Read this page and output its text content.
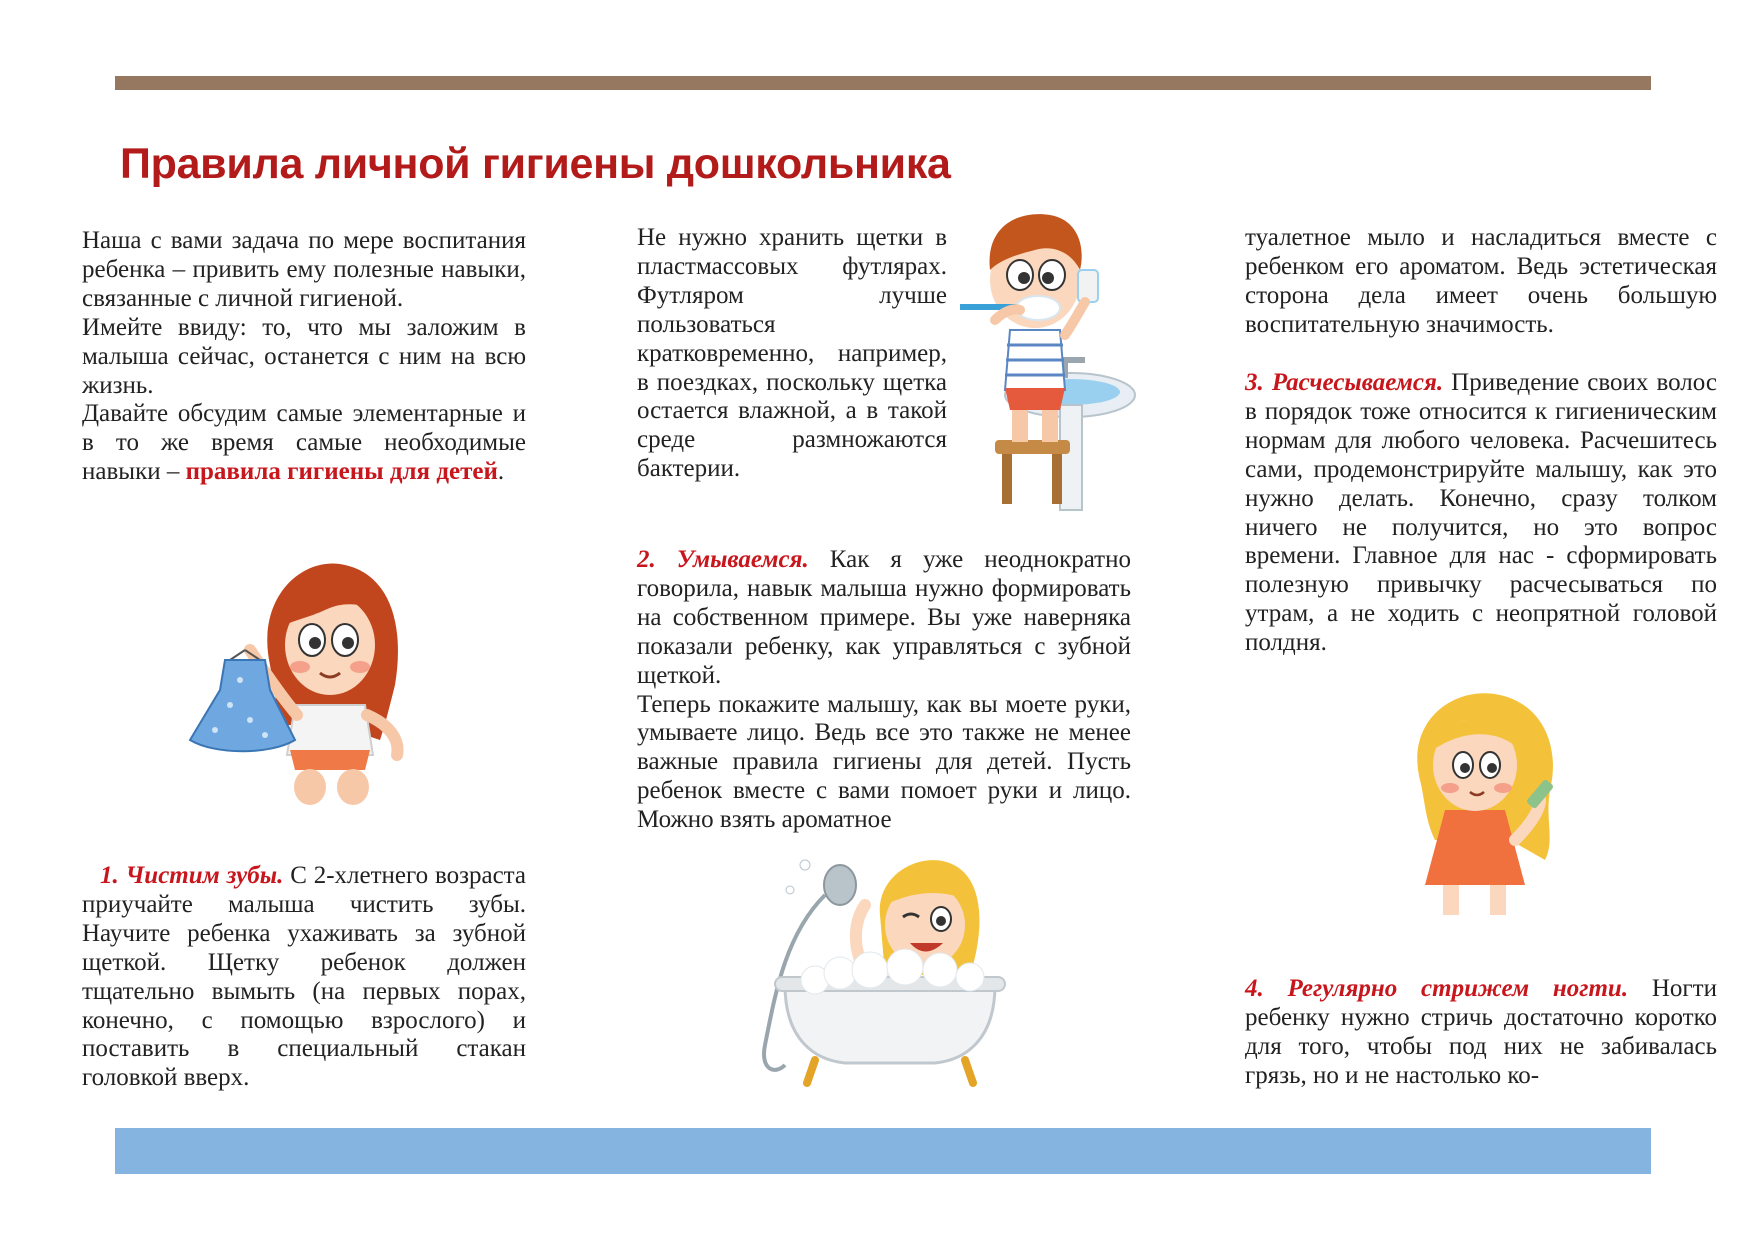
Правила личной гигиены дошкольника

Наша с вами задача по мере воспитания ребенка – привить ему полезные навыки, связанные с личной гигиеной.

Имейте ввиду: то, что мы заложим в малыша сейчас, останется с ним на всю жизнь.

Давайте обсудим самые элементарные и в то же время самые необходимые навыки – правила гигиены для детей.

1. Чистим зубы. С 2-хлетнего возраста приучайте малыша чистить зубы. Научите ребенка ухаживать за зубной щеткой. Щетку ребенок должен тщательно вымыть (на первых порах, конечно, с помощью взрослого) и поставить в специальный стакан головкой вверх.

Не нужно хранить щетки в пластмассовых футлярах. Футляром лучше пользоваться кратковременно, например, в поездках, поскольку щетка остается влажной, а в такой среде размножаются бактерии.

2. Умываемся. Как я уже неоднократно говорила, навык малыша нужно формировать на собственном примере. Вы уже наверняка показали ребенку, как управляться с зубной щеткой.

Теперь покажите малышу, как вы моете руки, умываете лицо. Ведь все это также не менее важные правила гигиены для детей. Пусть ребенок вместе с вами помоет руки и лицо. Можно взять ароматное

туалетное мыло и насладиться вместе с ребенком его ароматом. Ведь эстетическая сторона дела имеет очень большую воспитательную значимость.

3. Расчесываемся. Приведение своих волос в порядок тоже относится к гигиеническим нормам для любого человека. Расчешитесь сами, продемонстрируйте малышу, как это нужно делать. Конечно, сразу толком ничего не получится, но это вопрос времени. Главное для нас - сформировать полезную привычку расчесываться по утрам, а не ходить с неопрятной головой полдня.

4. Регулярно стрижем ногти. Ногти ребенку нужно стричь достаточно коротко для того, чтобы под них не забивалась грязь, но и не настолько ко-
